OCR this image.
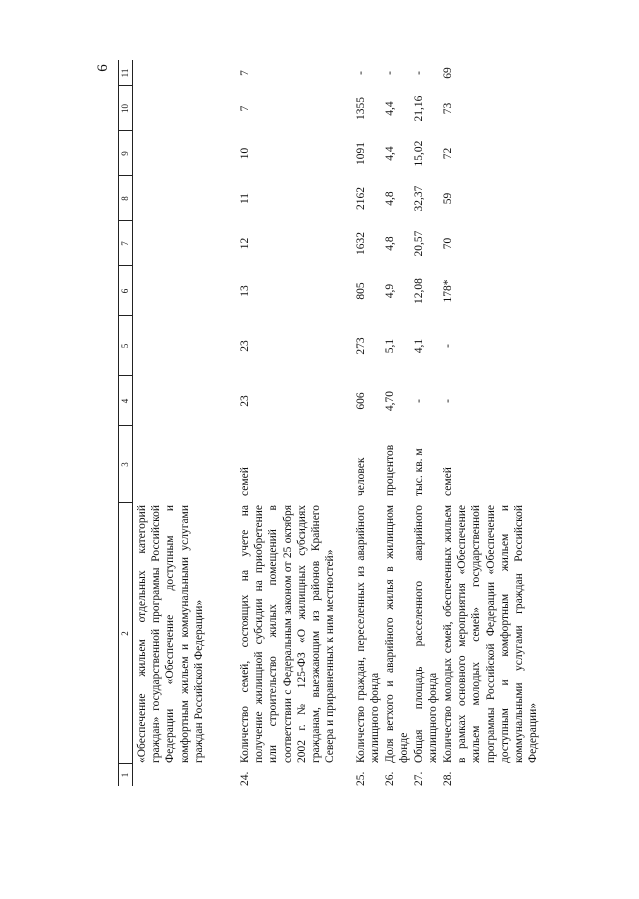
6
1
2
3
4
5
6
7
8
9
10
11
«Обеспечение жильем отдельных категорий граждан» государственной программы Российской Федерации «Обеспечение доступным и комфортным жильем и коммунальными услугами граждан Российской Федерации»
24.
Количество семей, состоящих на учете на получение жилищной субсидии на приобретение или строительство жилых помещений в соответствии с Федеральным законом от 25 октября 2002 г. № 125-ФЗ «О жилищных субсидиях гражданам, выезжающим из районов Крайнего Севера и приравненных к ним местностей»
семей
23
23
13
12
11
10
7
7
25.
Количество граждан, переселенных из аварийного жилищного фонда
человек
606
273
805
1632
2162
1091
1355
-
26.
Доля ветхого и аварийного жилья в жилищном фонде
процентов
4,70
5,1
4,9
4,8
4,8
4,4
4,4
-
27.
Общая площадь расселенного аварийного жилищного фонда
тыс. кв. м
-
4,1
12,08
20,57
32,37
15,02
21,16
-
28.
Количество молодых семей, обеспеченных жильем в рамках основного мероприятия «Обеспечение жильем молодых семей» государственной программы Российской Федерации «Обеспечение доступным и комфортным жильем и коммунальными услугами граждан Российской Федерации»
семей
-
-
178*
70
59
72
73
69
